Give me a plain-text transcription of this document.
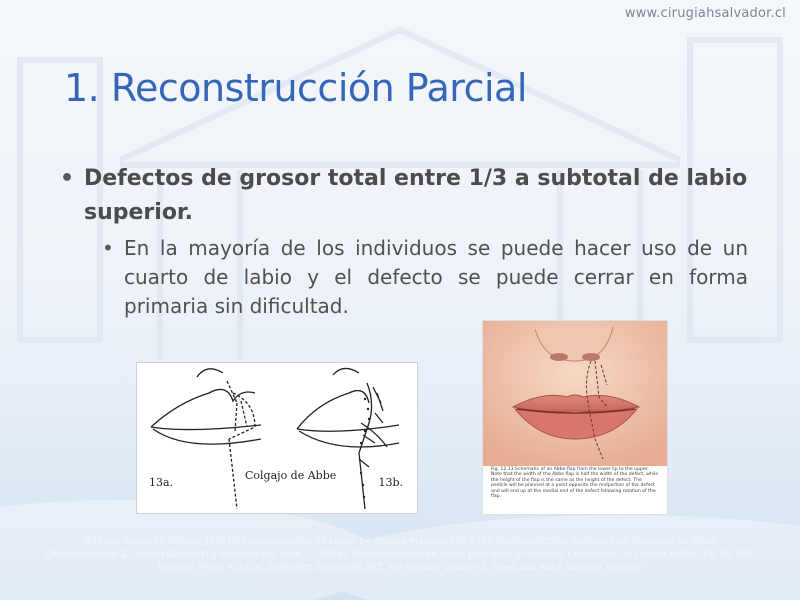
www.cirugiahsalvador.cl
1. Reconstrucción Parcial
• Defectos de grosor total entre 1/3 a subtotal de labio superior.
• En la mayoría de los individuos se puede hacer uso de un cuarto de labio y el defecto se puede cerrar en forma primaria sin dificultad.
13a.
Colgajo de Abbe
13b.
Fig. 12.13 Schematic of an Abbe flap from the lower lip to the upper. Note that the width of the Abbe flap is half the width of the defect, while the height of the flap is the same as the height of the defect. The pedicle will be planned at a point opposite the midportion of the defect and will end up at the medial end of the defect following rotation of the flap.
Wilfredo Calderón Ortega. (2001). Reconstrucción de Labio. En Cirugía Plástica(530-545). Santiago, Chile: Sociedad de Cirujanos de Chile.
Christian Salem Z, Rachid Gorrón M y Mauricio del Valle C. (2004). Reconstrucción de labio: principios y técnicas. Cuadernos de Cirugía UACH, 18, 98-105.
Neligan, Peter. PLASTIC SURGERY: 6-VOLUME SET. 4th Edition. Volume 3: Head and Neck Surgery. Elsevier
